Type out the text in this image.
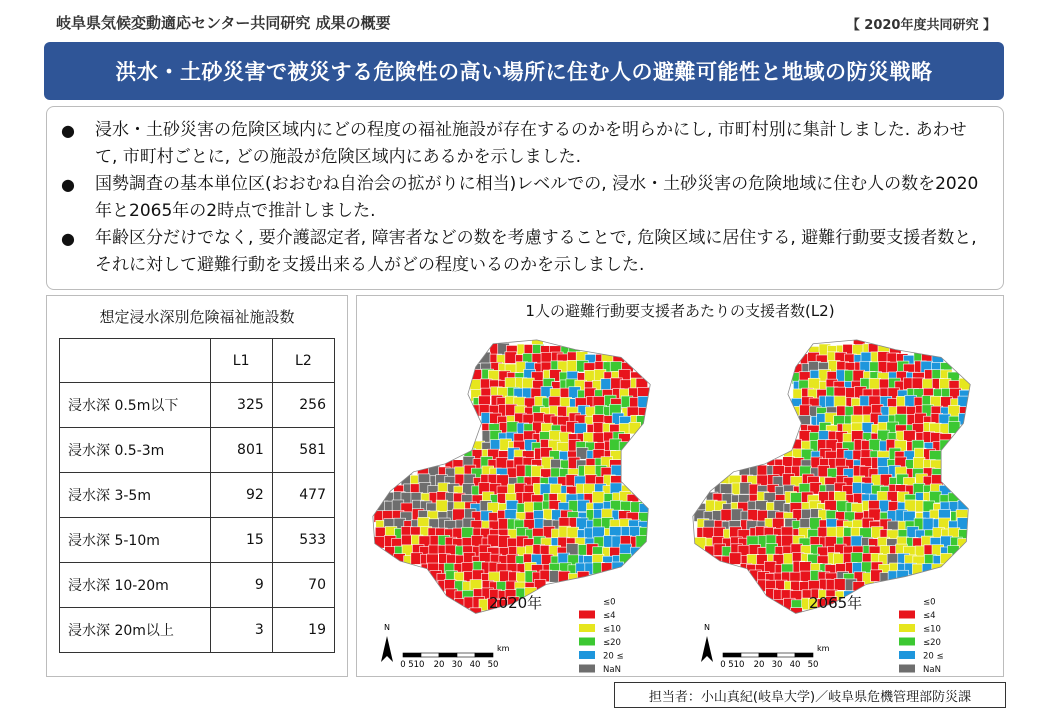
岐阜県気候変動適応センター共同研究 成果の概要	【 2020年度共同研究 】
洪水・土砂災害で被災する危険性の高い場所に住む人の避難可能性と地域の防災戦略
●	浸水・土砂災害の危険区域内にどの程度の福祉施設が存在するのかを明らかにし, 市町村別に集計しました. あわせて, 市町村ごとに, どの施設が危険区域内にあるかを示しました.
●	国勢調査の基本単位区(おおむね自治会の拡がりに相当)レベルでの, 浸水・土砂災害の危険地域に住む人の数を2020年と2065年の2時点で推計しました.
●	年齢区分だけでなく, 要介護認定者, 障害者などの数を考慮することで, 危険区域に居住する, 避難行動要支援者数と, それに対して避難行動を支援出来る人がどの程度いるのかを示しました.
想定浸水深別危険福祉施設数
	L1	L2
浸水深 0.5m以下	325	256
浸水深 0.5-3m	801	581
浸水深 3-5m	92	477
浸水深 5-10m	15	533
浸水深 10-20m	9	70
浸水深 20m以上	3	19
1人の避難行動要支援者あたりの支援者数(L2)
2020年	≤0
≤4
≤10
≤20
20 ≤
NaN
N
0 5 10 20 30 40 50
km
2065年	≤0
≤4
≤10
≤20
20 ≤
NaN
N
0 5 10 20 30 40 50
km
担当者：小山真紀(岐阜大学)／岐阜県危機管理部防災課
